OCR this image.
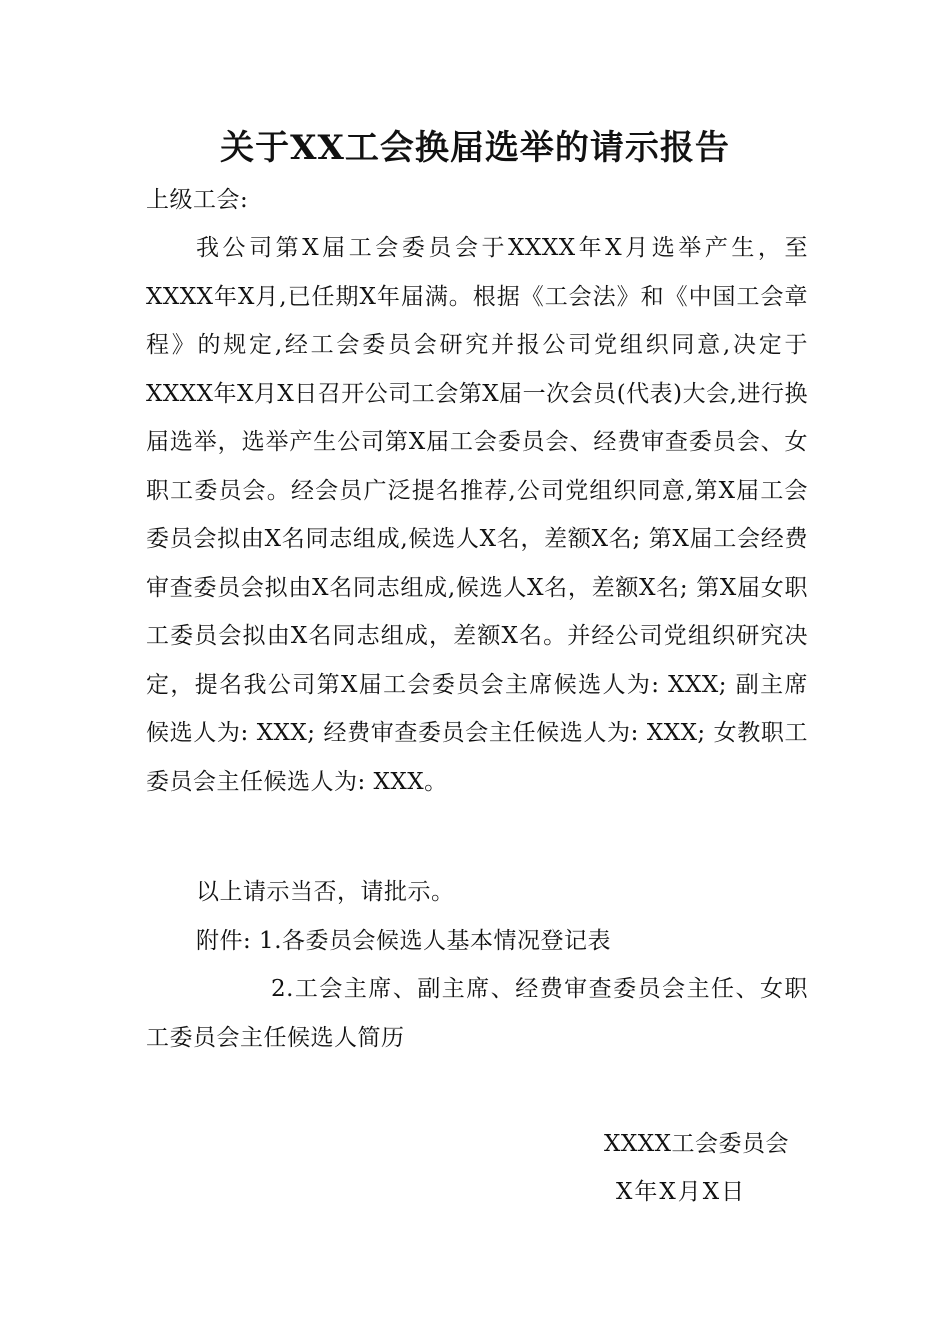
关于XX工会换届选举的请示报告

上级工会:

我公司第X届工会委员会于XXXX年X月选举产生，至XXXX年X月,已任期X年届满。根据《工会法》和《中国工会章程》的规定,经工会委员会研究并报公司党组织同意,决定于XXXX年X月X日召开公司工会第X届一次会员(代表)大会,进行换届选举，选举产生公司第X届工会委员会、经费审查委员会、女职工委员会。经会员广泛提名推荐,公司党组织同意,第X届工会委员会拟由X名同志组成,候选人X名，差额X名; 第X届工会经费审查委员会拟由X名同志组成,候选人X名，差额X名; 第X届女职工委员会拟由X名同志组成，差额X名。并经公司党组织研究决定，提名我公司第X届工会委员会主席候选人为: XXX; 副主席候选人为: XXX; 经费审查委员会主任候选人为: XXX; 女教职工委员会主任候选人为: XXX。

以上请示当否，请批示。

附件: 1.各委员会候选人基本情况登记表

2.工会主席、副主席、经费审查委员会主任、女职工委员会主任候选人简历

XXXX工会委员会

X年X月X日
